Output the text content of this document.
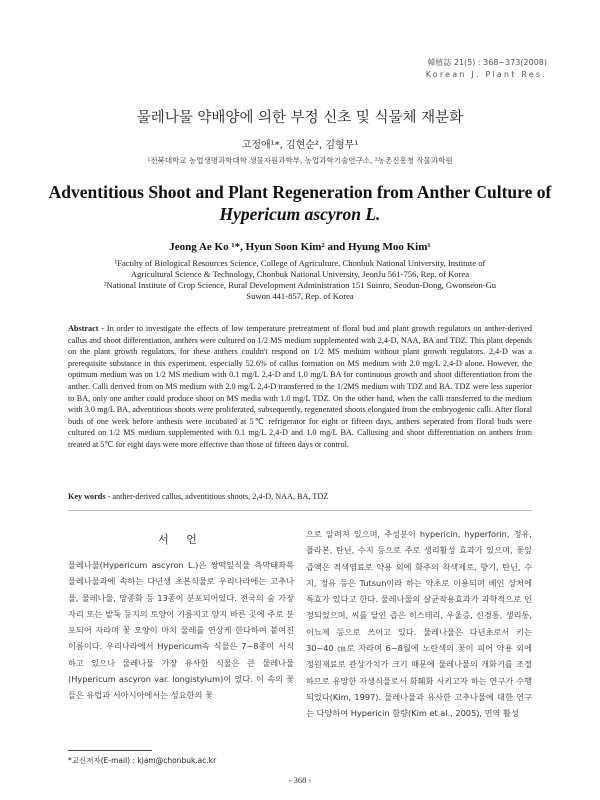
韓植誌 21(5) : 368~373(2008)
Korean J. Plant Res.
물레나물 약배양에 의한 부정 신초 및 식물체 재분화
고정애¹*, 김현순², 김형무¹
¹전북대학교 농업생명과학대학 생물자원과학부, 농업과학기술연구소, ²농촌진흥청 작물과학원
Adventitious Shoot and Plant Regeneration from Anther Culture of
Hypericum ascyron L.
Jeong Ae Ko ¹*, Hyun Soon Kim² and Hyung Moo Kim¹
¹Faculty of Biological Resources Science, College of Agriculture, Chonbuk National University, Institute of
Agricultural Science & Technology, Chonbuk National University, JeonJu 561-756, Rep. of Korea
²National Institute of Crop Science, Rural Development Administration 151 Suinro, Seodun-Dong, Gwonseon-Gu
Suwon 441-857, Rep. of Korea
Abstract - In order to investigate the effects of low temperature pretreatment of floral bud and plant growth regulators on anther-derived callus and shoot differentiation, anthers were cultured on 1/2 MS medium supplemented with 2,4-D, NAA, BA and TDZ. This plant depends on the plant growth regulators, for these anthers couldn't respond on 1/2 MS medium without plant growth regulators. 2,4-D was a prerequisite substance in this experiment, especially 52.6% of callus formation on MS medium with 2.0 mg/L 2,4-D alone. However, the optimum medium was on 1/2 MS medium with 0.1 mg/L 2,4-D and 1.0 mg/L BA for continuous growth and shoot differentiation from the anther. Calli derived from on MS medium with 2.0 mg/L 2,4-D transferred to the 1/2MS medium with TDZ and BA. TDZ were less superior to BA, only one anther could produce shoot on MS media with 1.0 mg/L TDZ. On the other hand, when the calli transferred to the medium with 3.0 mg/L BA, adventitious shoots were proliferated, subsequently, regenerated shoots elongated from the embryogenic calli. After floral buds of one week before anthesis were incubated at 5℃ refrigerator for eight or fifteen days, anthers seperated from floral buds were cultured on 1/2 MS medium supplemented with 0.1 mg/L 2,4-D and 1.0 mg/L BA. Callusing and shoot differentiation on anthers from treated at 5℃ for eight days were more effective than those of fifteen days or control.
Key words - anther-derived callus, adventitious shoots, 2,4-D, NAA, BA, TDZ
서 언

물레나물(Hypericum ascyron L.)은 쌍떡잎식물 측막태좌목 물레나물과에 속하는 다년생 초본식물로 우리나라에는 고추나물, 물레나물, 망종화 등 13종이 분포되어있다. 전국의 숲 가장자리 또는 밭둑 등지의 토양이 기름지고 양지 바른 곳에 주로 분포되어 자라며 꽃 모양이 마치 물레를 연상케 한다하여 붙여진 이름이다. 우리나라에서 Hypericum속 식물은 7~8종이 서식하고 있으나 물레나물 가장 유사한 식물은 큰 물레나물(Hypericum ascyron var. longistylum)이 있다. 이 속의 꽃들은 유럽과 서아시아에서는 성요한의 꽃

으로 알려져 있으며, 주성분이 hypericin, hyperforin, 정유, 플라본, 탄닌, 수지 등으로 주로 생리활성 효과가 있으며, 꽃잎 즙액은 적색염료로 약용 외에 화주의 착색제로, 향기, 탄닌, 수지, 정유 등은 Tutsun이라 하는 약초로 이용되며 베인 상처에 특효가 있다고 한다. 물레나물의 살균작용효과가 과학적으로 인정되었으며, 씨를 달인 즙은 히스테리, 우울증, 신경통, 생리통, 이뇨제 등으로 쓰이고 있다. 물레나물은 다년초로서 키는 30~40 ㎝로 자라며 6~8월에 노란색의 꽃이 피어 약용 외에 정원재료로 관상가치가 크기 때문에 물레나물의 개화기를 조절하므로 유망한 자생식물로서 화훼화 시키고자 하는 연구가 수행되었다(Kim, 1997). 물레나물과 유사한 고추나물에 대한 연구는 다양하여 Hypericin 함량(Kim et al., 2005), 면역 활성

*교신저자(E-mail) : kjam@chonbuk.ac.kr
- 368 -
